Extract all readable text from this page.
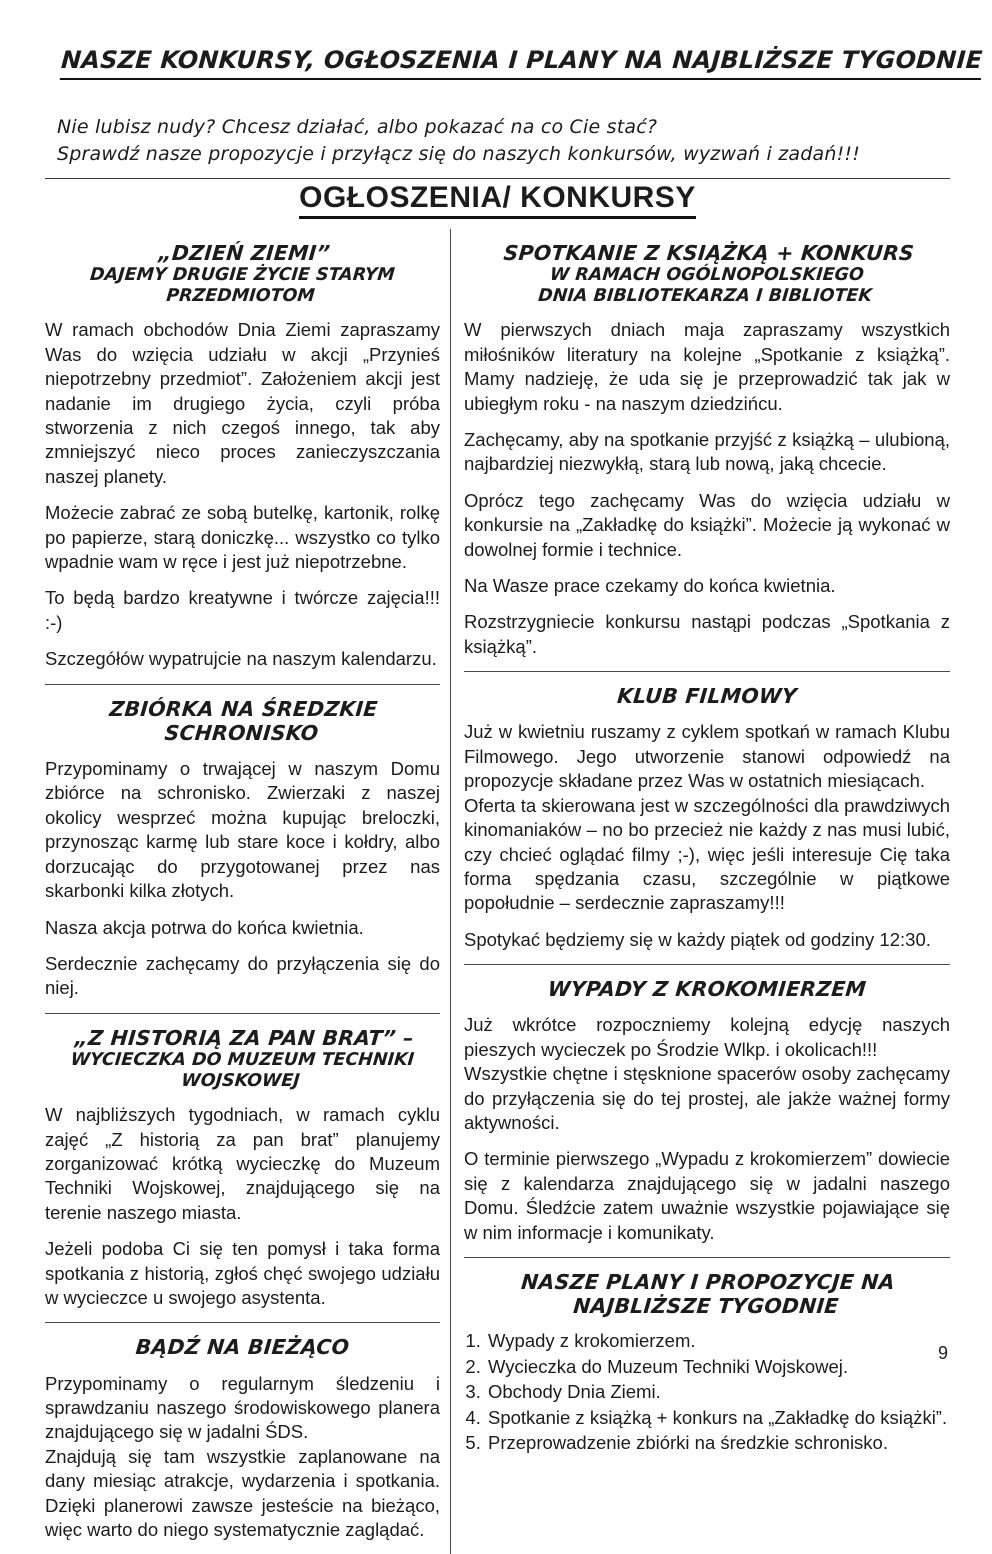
NASZE KONKURSY, OGŁOSZENIA I PLANY NA NAJBLIŻSZE TYGODNIE
Nie lubisz nudy? Chcesz działać, albo pokazać na co Cie stać?
Sprawdź nasze propozycje i przyłącz się do naszych konkursów, wyzwań i zadań!!!
OGŁOSZENIA/ KONKURSY
„DZIEŃ ZIEMI”
DAJEMY DRUGIE ŻYCIE STARYM PRZEDMIOTOM

W ramach obchodów Dnia Ziemi zapraszamy Was do wzięcia udziału w akcji „Przynieś niepotrzebny przedmiot”. Założeniem akcji jest nadanie im drugiego życia, czyli próba stworzenia z nich czegoś innego, tak aby zmniejszyć nieco proces zanieczyszczania naszej planety.

Możecie zabrać ze sobą butelkę, kartonik, rolkę po papierze, starą doniczkę... wszystko co tylko wpadnie wam w ręce i jest już niepotrzebne.

To będą bardzo kreatywne i twórcze zajęcia!!! :-)

Szczegółów wypatrujcie na naszym kalendarzu.

ZBIÓRKA NA ŚREDZKIE SCHRONISKO

Przypominamy o trwającej w naszym Domu zbiórce na schronisko. Zwierzaki z naszej okolicy wesprzeć można kupując breloczki, przynosząc karmę lub stare koce i kołdry, albo dorzucając do przygotowanej przez nas skarbonki kilka złotych.

Nasza akcja potrwa do końca kwietnia.

Serdecznie zachęcamy do przyłączenia się do niej.

„Z HISTORIĄ ZA PAN BRAT” –
WYCIECZKA DO MUZEUM TECHNIKI WOJSKOWEJ

W najbliższych tygodniach, w ramach cyklu zajęć „Z historią za pan brat” planujemy zorganizować krótką wycieczkę do Muzeum Techniki Wojskowej, znajdującego się na terenie naszego miasta.

Jeżeli podoba Ci się ten pomysł i taka forma spotkania z historią, zgłoś chęć swojego udziału w wycieczce u swojego asystenta.

BĄDŹ NA BIEŻĄCO

Przypominamy o regularnym śledzeniu i sprawdzaniu naszego środowiskowego planera znajdującego się w jadalni ŚDS.

Znajdują się tam wszystkie zaplanowane na dany miesiąc atrakcje, wydarzenia i spotkania. Dzięki planerowi zawsze jesteście na bieżąco, więc warto do niego systematycznie zaglądać.

SPOTKANIE Z KSIĄŻKĄ + KONKURS
W RAMACH OGÓLNOPOLSKIEGO
DNIA BIBLIOTEKARZA I BIBLIOTEK

W pierwszych dniach maja zapraszamy wszystkich miłośników literatury na kolejne „Spotkanie z książką”. Mamy nadzieję, że uda się je przeprowadzić tak jak w ubiegłym roku - na naszym dziedzińcu.

Zachęcamy, aby na spotkanie przyjść z książką – ulubioną, najbardziej niezwykłą, starą lub nową, jaką chcecie.

Oprócz tego zachęcamy Was do wzięcia udziału w konkursie na „Zakładkę do książki”. Możecie ją wykonać w dowolnej formie i technice.

Na Wasze prace czekamy do końca kwietnia.

Rozstrzygniecie konkursu nastąpi podczas „Spotkania z książką”.

KLUB FILMOWY

Już w kwietniu ruszamy z cyklem spotkań w ramach Klubu Filmowego. Jego utworzenie stanowi odpowiedź na propozycje składane przez Was w ostatnich miesiącach.

Oferta ta skierowana jest w szczególności dla prawdziwych kinomaniaków – no bo przecież nie każdy z nas musi lubić, czy chcieć oglądać filmy ;-), więc jeśli interesuje Cię taka forma spędzania czasu, szczególnie w piątkowe popołudnie – serdecznie zapraszamy!!!

Spotykać będziemy się w każdy piątek od godziny 12:30.

WYPADY Z KROKOMIERZEM

Już wkrótce rozpoczniemy kolejną edycję naszych pieszych wycieczek po Środzie Wlkp. i okolicach!!!

Wszystkie chętne i stęsknione spacerów osoby zachęcamy do przyłączenia się do tej prostej, ale jakże ważnej formy aktywności.

O terminie pierwszego „Wypadu z krokomierzem” dowiecie się z kalendarza znajdującego się w jadalni naszego Domu. Śledźcie zatem uważnie wszystkie pojawiające się w nim informacje i komunikaty.

NASZE PLANY I PROPOZYCJE NA
NAJBLIŻSZE TYGODNIE
1. Wypady z krokomierzem.
2. Wycieczka do Muzeum Techniki Wojskowej.
3. Obchody Dnia Ziemi.
4. Spotkanie z książką + konkurs na „Zakładkę do książki”.
5. Przeprowadzenie zbiórki na średzkie schronisko.
9
